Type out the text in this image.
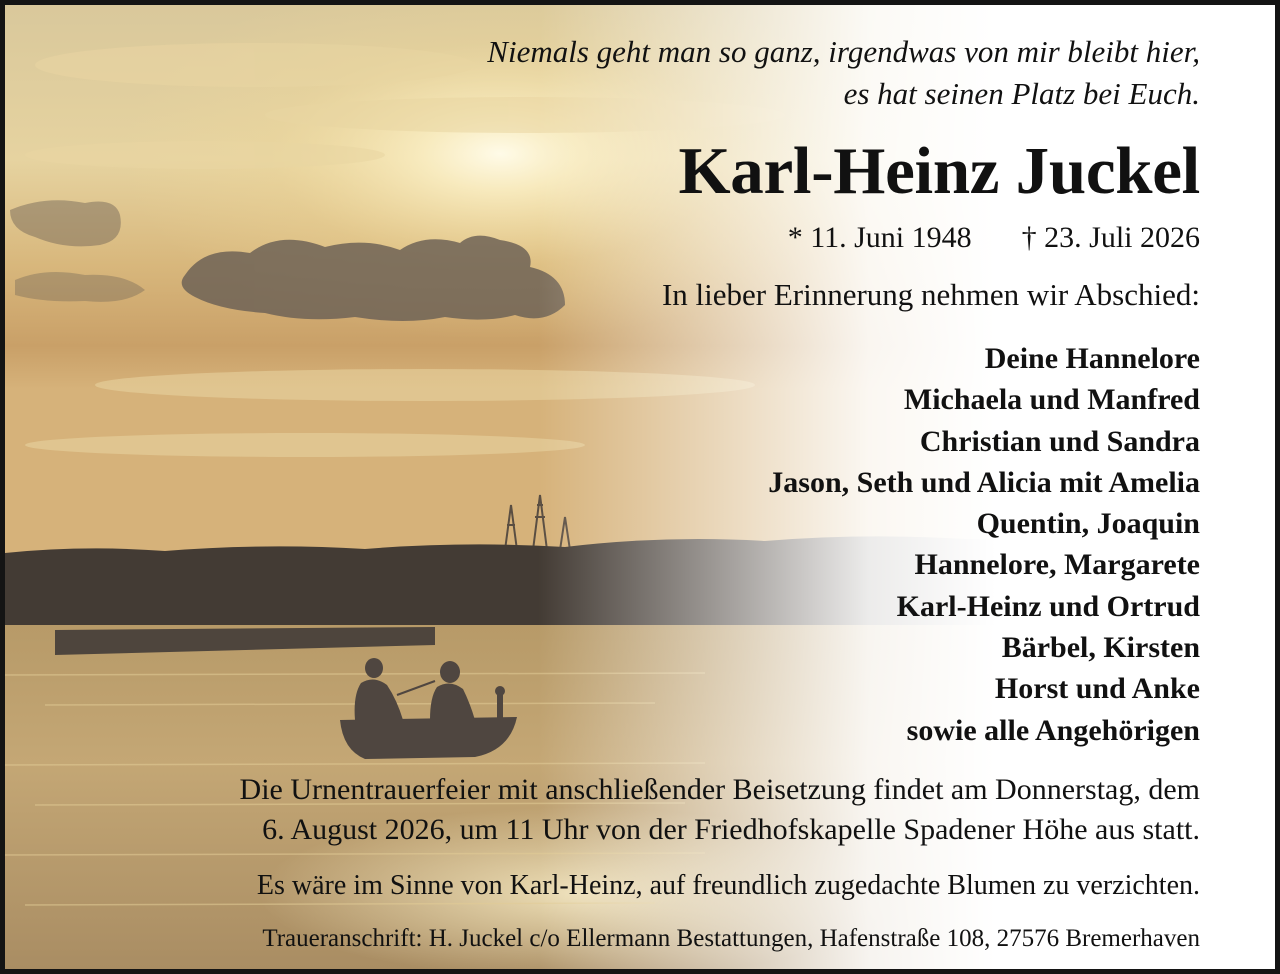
Niemals geht man so ganz, irgendwas von mir bleibt hier,
es hat seinen Platz bei Euch.
Karl-Heinz Juckel
* 11. Juni 1948 † 23. Juli 2026
In lieber Erinnerung nehmen wir Abschied:
Deine Hannelore
Michaela und Manfred
Christian und Sandra
Jason, Seth und Alicia mit Amelia
Quentin, Joaquin
Hannelore, Margarete
Karl-Heinz und Ortrud
Bärbel, Kirsten
Horst und Anke
sowie alle Angehörigen
Die Urnentrauerfeier mit anschließender Beisetzung findet am Donnerstag, dem
6. August 2026, um 11 Uhr von der Friedhofskapelle Spadener Höhe aus statt.
Es wäre im Sinne von Karl-Heinz, auf freundlich zugedachte Blumen zu verzichten.
Traueranschrift: H. Juckel c/o Ellermann Bestattungen, Hafenstraße 108, 27576 Bremerhaven
